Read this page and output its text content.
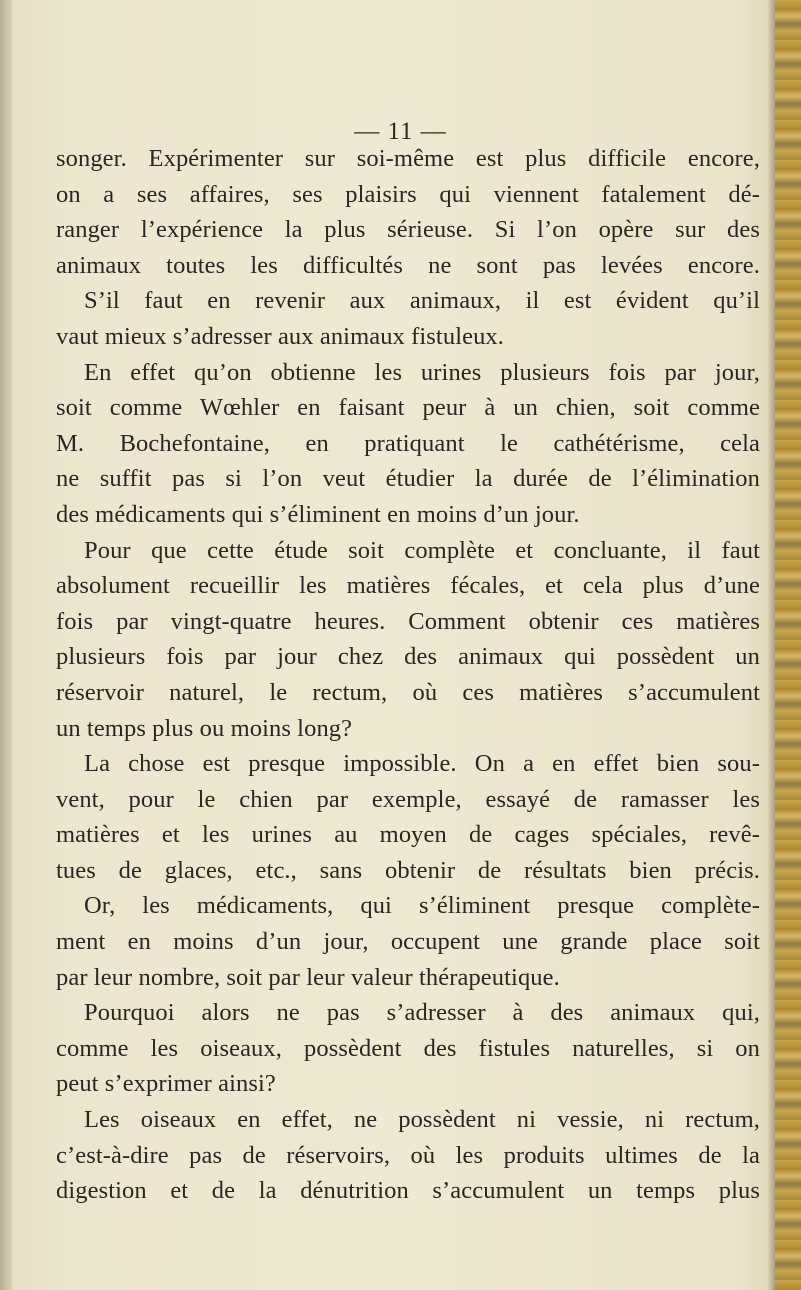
— 11 —
songer. Expérimenter sur soi-même est plus difficile encore,
on a ses affaires, ses plaisirs qui viennent fatalement dé-
ranger l’expérience la plus sérieuse. Si l’on opère sur des
animaux toutes les difficultés ne sont pas levées encore.
S’il faut en revenir aux animaux, il est évident qu’il
vaut mieux s’adresser aux animaux fistuleux.
En effet qu’on obtienne les urines plusieurs fois par jour,
soit comme Wœhler en faisant peur à un chien, soit comme
M. Bochefontaine, en pratiquant le cathétérisme, cela
ne suffit pas si l’on veut étudier la durée de l’élimination
des médicaments qui s’éliminent en moins d’un jour.
Pour que cette étude soit complète et concluante, il faut
absolument recueillir les matières fécales, et cela plus d’une
fois par vingt-quatre heures. Comment obtenir ces matières
plusieurs fois par jour chez des animaux qui possèdent un
réservoir naturel, le rectum, où ces matières s’accumulent
un temps plus ou moins long?
La chose est presque impossible. On a en effet bien sou-
vent, pour le chien par exemple, essayé de ramasser les
matières et les urines au moyen de cages spéciales, revê-
tues de glaces, etc., sans obtenir de résultats bien précis.
Or, les médicaments, qui s’éliminent presque complète-
ment en moins d’un jour, occupent une grande place soit
par leur nombre, soit par leur valeur thérapeutique.
Pourquoi alors ne pas s’adresser à des animaux qui,
comme les oiseaux, possèdent des fistules naturelles, si on
peut s’exprimer ainsi?
Les oiseaux en effet, ne possèdent ni vessie, ni rectum,
c’est-à-dire pas de réservoirs, où les produits ultimes de la
digestion et de la dénutrition s’accumulent un temps plus
